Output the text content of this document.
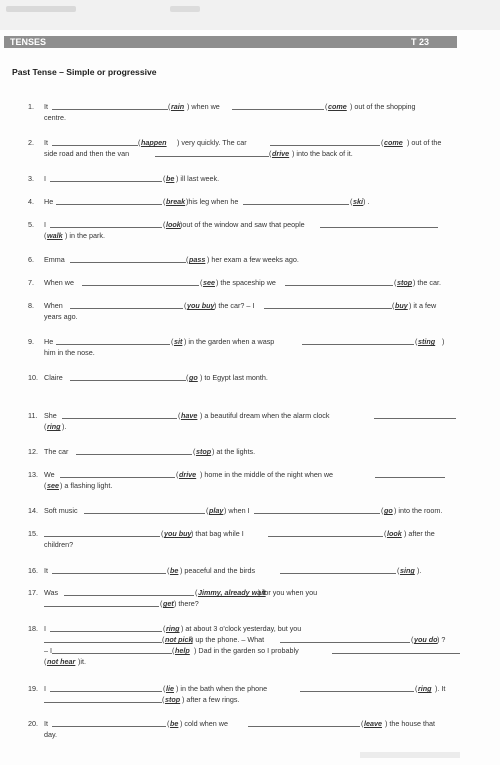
TENSES	T 23
Past Tense – Simple or progressive
1. It	( rain ) when we	( come ) out of the shopping
centre.
2. It	( happen ) very quickly. The car	( come ) out of the
side road and then the van	( drive ) into the back of it.
3. I	( be ) ill last week.
4. He	( break )his leg when he	( ski ) .
5. I	( look )out of the window and saw that people
( walk ) in the park.
6. Emma	( pass ) her exam a few weeks ago.
7. When we	( see ) the spaceship we	( stop ) the car.
8. When	( you buy ) the car? – I	( buy ) it a few
years ago.
9. He	( sit ) in the garden when a wasp	( sting )
him in the nose.
10. Claire	( go ) to Egypt last month.
11. She	( have ) a beautiful dream when the alarm clock
( ring ).
12. The car	( stop ) at the lights.
13. We	( drive ) home in the middle of the night when we
( see ) a flashing light.
14. Soft music	( play ) when I	( go ) into the room.
15.	( you buy ) that bag while I	( look ) after the
children?
16. It	( be ) peaceful and the birds	( sing ).
17. Was	( Jimmy, already wait
) for you when you
( get ) there?
18. I	( ring ) at about 3 o'clock yesterday, but you
( not pick
) up the phone. – What	( you do ) ?
– I	( help ) Dad in the garden so I probably
( not hear )it.
19. I	( lie ) in the bath when the phone	( ring ). It
( stop ) after a few rings.
20. It	( be ) cold when we	( leave ) the house that
day.
